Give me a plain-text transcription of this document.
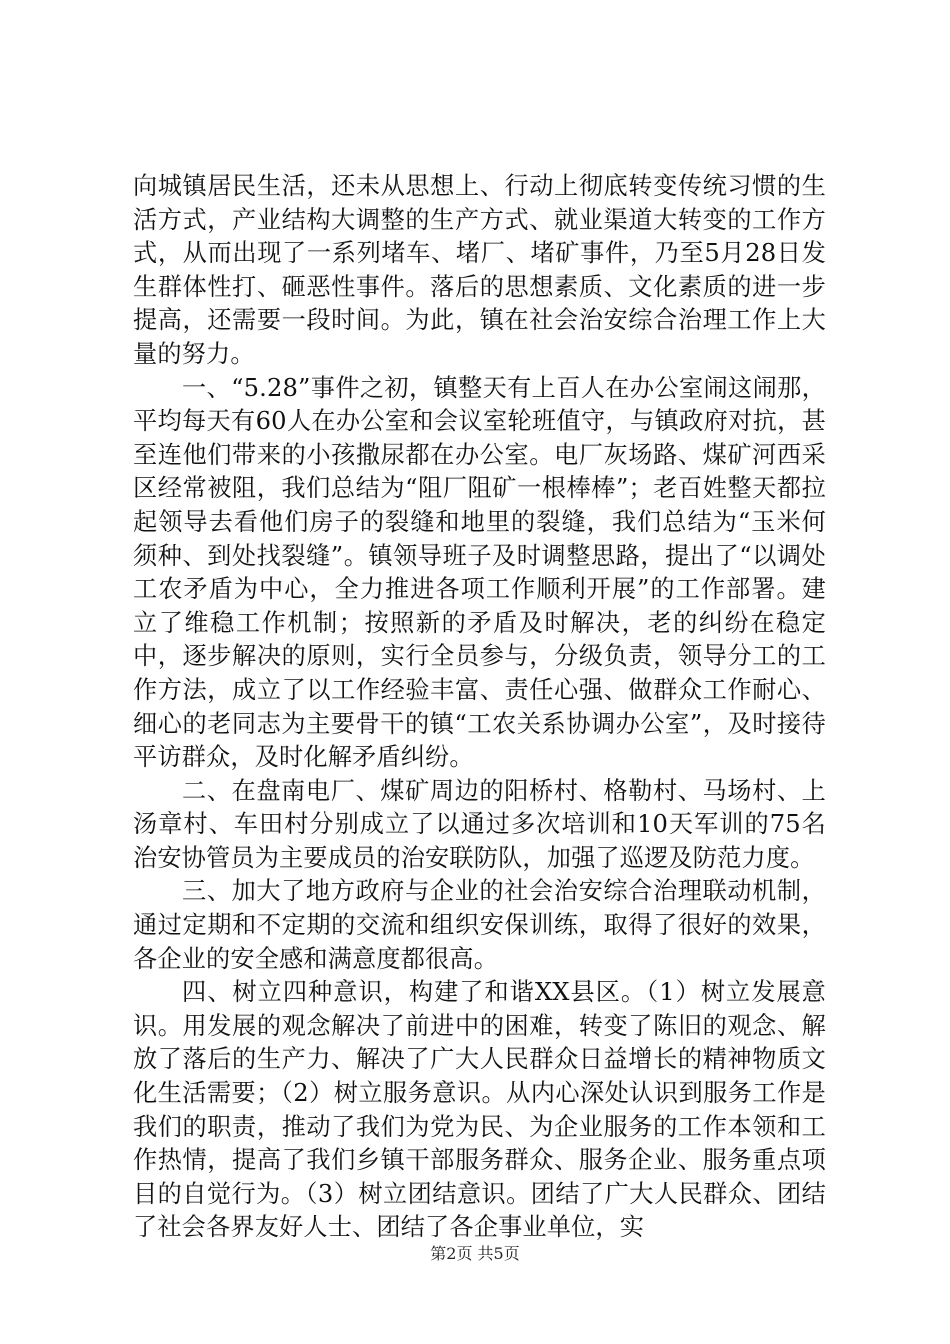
向城镇居民生活，还未从思想上、行动上彻底转变传统习惯的生活方式，产业结构大调整的生产方式、就业渠道大转变的工作方式，从而出现了一系列堵车、堵厂、堵矿事件，乃至5月28日发生群体性打、砸恶性事件。落后的思想素质、文化素质的进一步提高，还需要一段时间。为此，镇在社会治安综合治理工作上大量的努力。

一、“5.28”事件之初，镇整天有上百人在办公室闹这闹那，平均每天有60人在办公室和会议室轮班值守，与镇政府对抗，甚至连他们带来的小孩撒尿都在办公室。电厂灰场路、煤矿河西采区经常被阻，我们总结为“阻厂阻矿一根棒棒”；老百姓整天都拉起领导去看他们房子的裂缝和地里的裂缝，我们总结为“玉米何须种、到处找裂缝”。镇领导班子及时调整思路，提出了“以调处工农矛盾为中心，全力推进各项工作顺利开展”的工作部署。建立了维稳工作机制；按照新的矛盾及时解决，老的纠纷在稳定中，逐步解决的原则，实行全员参与，分级负责，领导分工的工作方法，成立了以工作经验丰富、责任心强、做群众工作耐心、细心的老同志为主要骨干的镇“工农关系协调办公室”，及时接待平访群众，及时化解矛盾纠纷。

二、在盘南电厂、煤矿周边的阳桥村、格勒村、马场村、上汤章村、车田村分别成立了以通过多次培训和10天军训的75名治安协管员为主要成员的治安联防队，加强了巡逻及防范力度。

三、加大了地方政府与企业的社会治安综合治理联动机制，通过定期和不定期的交流和组织安保训练，取得了很好的效果，各企业的安全感和满意度都很高。

四、树立四种意识，构建了和谐XX县区。（1）树立发展意识。用发展的观念解决了前进中的困难，转变了陈旧的观念、解放了落后的生产力、解决了广大人民群众日益增长的精神物质文化生活需要；（2）树立服务意识。从内心深处认识到服务工作是我们的职责，推动了我们为党为民、为企业服务的工作本领和工作热情，提高了我们乡镇干部服务群众、服务企业、服务重点项目的自觉行为。（3）树立团结意识。团结了广大人民群众、团结了社会各界友好人士、团结了各企事业单位，实

第2页 共5页
